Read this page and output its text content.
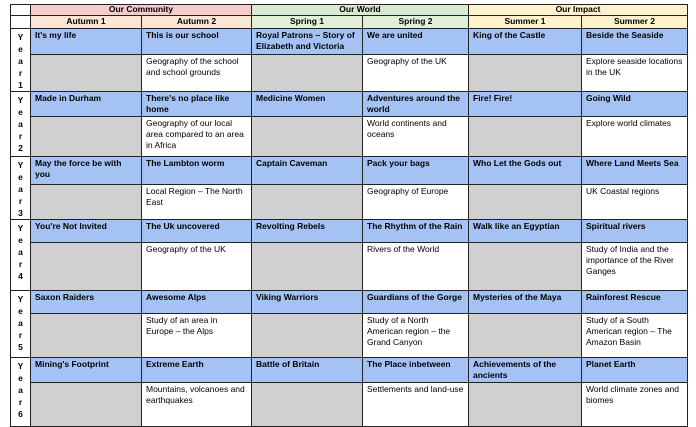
	Our Community		Our World		Our Impact	
	Autumn 1	Autumn 2	Spring 1	Spring 2	Summer 1	Summer 2

Y
e
a
r
1	It's my life	This is our school	Royal Patrons – Story of Elizabeth and Victoria	We are united	King of the Castle	Beside the Seaside
		Geography of the school and school grounds		Geography of the UK		Explore seaside locations in the UK

Y
e
a
r
2	Made in Durham	There's no place like home	Medicine Women	Adventures around the world	Fire! Fire!	Going Wild
		Geography of our local area compared to an area in Africa		World continents and oceans		Explore world climates

Y
e
a
r
3	May the force be with you	The Lambton worm	Captain Caveman	Pack your bags	Who Let the Gods out	Where Land Meets Sea
		Local Region – The North East		Geography of Europe		UK Coastal regions

Y
e
a
r
4	You're Not Invited	The Uk uncovered	Revolting Rebels	The Rhythm of the Rain	Walk like an Egyptian	Spiritual rivers
		Geography of the UK		Rivers of the World		Study of India and the importance of the River Ganges

Y
e
a
r
5	Saxon Raiders	Awesome Alps	Viking Warriors	Guardians of the Gorge	Mysteries of the Maya	Rainforest Rescue
		Study of an area in Europe – the Alps		Study of a North American region – the Grand Canyon		Study of a South American region – The Amazon Basin

Y
e
a
r
6	Mining's Footprint	Extreme Earth	Battle of Britain	The Place inbetween	Achievements of the ancients	Planet Earth
		Mountains, volcanoes and earthquakes		Settlements and land-use		World climate zones and biomes
